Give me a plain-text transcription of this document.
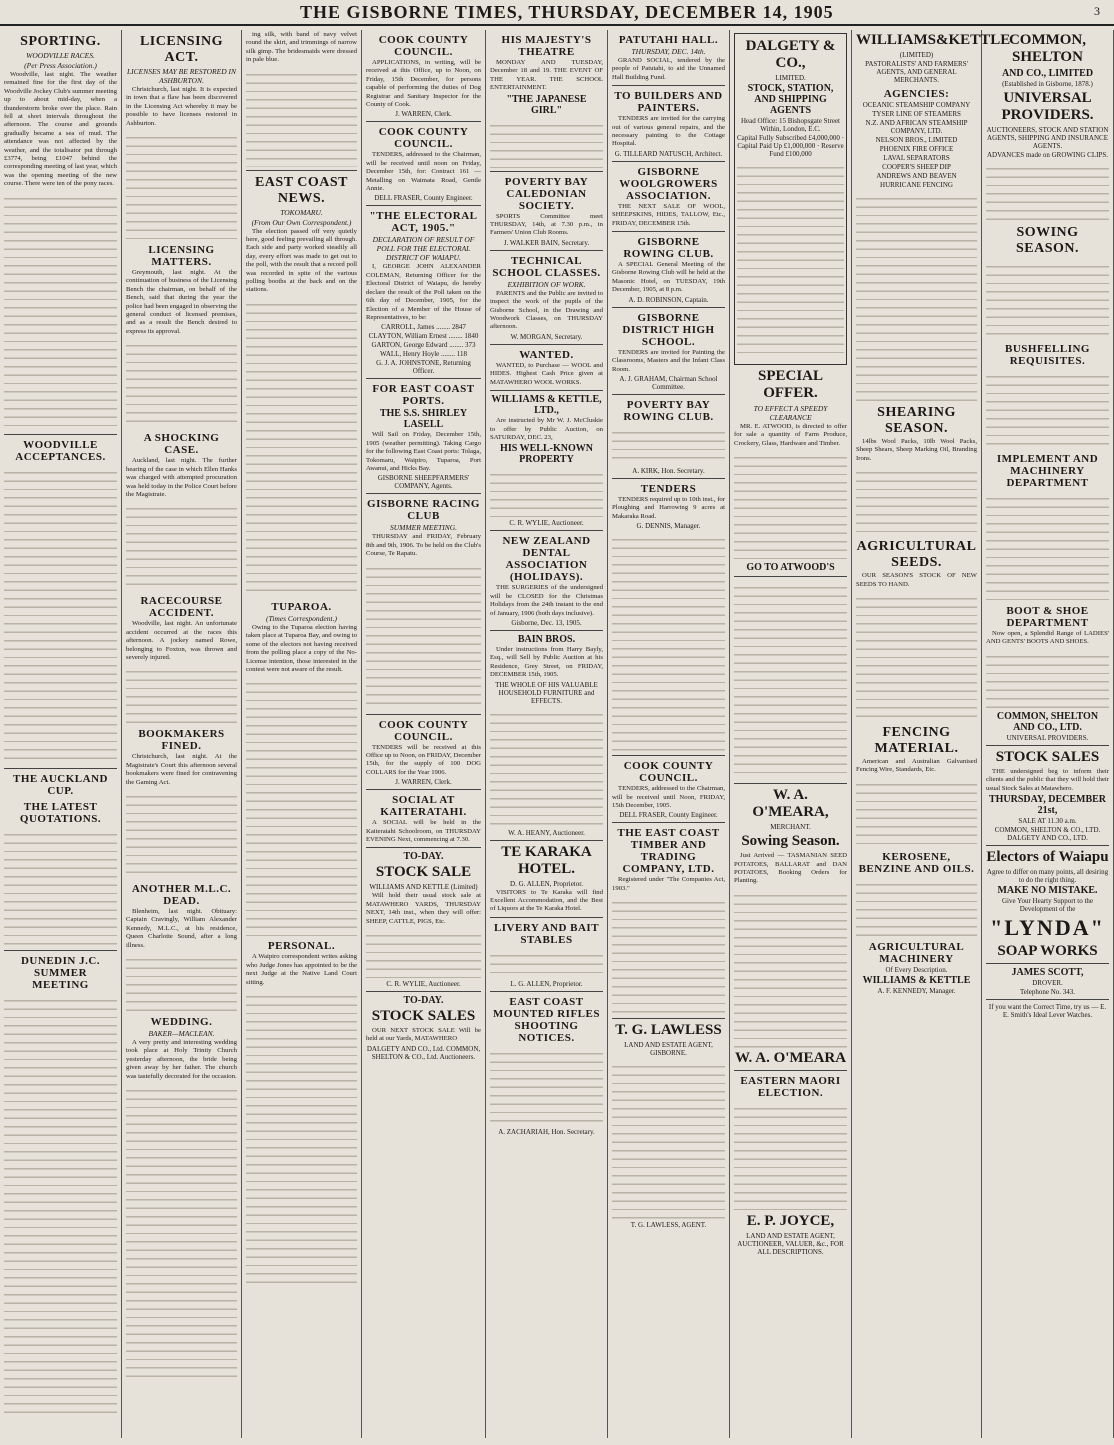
THE GISBORNE TIMES, THURSDAY, DECEMBER 14, 1905	3
SPORTING.
WOODVILLE RACES.
(Per Press Association.)
Woodville, last night. The weather remained fine for the first day of the Woodville Jockey Club's summer meeting up to about mid-day, when a thunderstorm broke over the place. Rain fell at short intervals throughout the afternoon. The course and grounds gradually became a sea of mud. The attendance was not affected by the weather, and the totalisator put through £3774, being £1047 behind the corresponding meeting of last year, which was the opening meeting of the new course. There were ten of the pony races.
WOODVILLE ACCEPTANCES.
THE AUCKLAND CUP.
THE LATEST QUOTATIONS.
DUNEDIN J.C. SUMMER MEETING
LICENSING ACT.
LICENSES MAY BE RESTORED IN ASHBURTON.
Christchurch, last night. It is expected in town that a flaw has been discovered in the Licensing Act whereby it may be possible to have licenses restored in Ashburton.
LICENSING MATTERS.
Greymouth, last night. At the continuation of business of the Licensing Bench the chairman, on behalf of the Bench, said that during the year the police had been engaged in observing the general conduct of licensed premises, and as a result the Bench desired to express its approval.
A SHOCKING CASE.
Auckland, last night. The further hearing of the case in which Ellen Hanks was charged with attempted procuration was held today in the Police Court before the Magistrate.
RACECOURSE ACCIDENT.
Woodville, last night. An unfortunate accident occurred at the races this afternoon. A jockey named Rowe, belonging to Foxton, was thrown and severely injured.
BOOKMAKERS FINED.
Christchurch, last night. At the Magistrate's Court this afternoon several bookmakers were fined for contravening the Gaming Act.
ANOTHER M.L.C. DEAD.
Blenheim, last night. Obituary: Captain Cravingly, William Alexander Kennedy, M.L.C., at his residence, Queen Charlotte Sound, after a long illness.
WEDDING.
BAKER—MACLEAN.
A very pretty and interesting wedding took place at Holy Trinity Church yesterday afternoon, the bride being given away by her father. The church was tastefully decorated for the occasion.
ing silk, with band of navy velvet round the skirt, and trimmings of narrow silk gimp. The bridesmaids were dressed in pale blue.
EAST COAST NEWS.
TOKOMARU.
(From Our Own Correspondent.)
The election passed off very quietly here, good feeling prevailing all through. Each side and party worked steadily all day, every effort was made to get out to the poll, with the result that a record poll was recorded in spite of the various polling booths at the back and on the stations.
TUPAROA.
(Times Correspondent.)
Owing to the Tuparoa election having taken place at Tuparoa Bay, and owing to some of the electors not having received from the polling place a copy of the No-License intention, those interested in the contest were not aware of the result.
PERSONAL.
A Waipiro correspondent writes asking who Judge Jones has appointed to be the next Judge at the Native Land Court sitting.
COOK COUNTY COUNCIL.
APPLICATIONS, in writing, will be received at this Office, up to Noon, on Friday, 15th December, for persons capable of performing the duties of Dog Registrar and Sanitary Inspector for the County of Cook.
J. WARREN, Clerk.
COOK COUNTY COUNCIL.
TENDERS, addressed to the Chairman, will be received until noon on Friday, December 15th, for: Contract 161 — Metalling on Waimata Road, Gentle Annie.
DELL FRASER, County Engineer.
"THE ELECTORAL ACT, 1905."
DECLARATION OF RESULT OF POLL FOR THE ELECTORAL DISTRICT OF WAIAPU.
I, GEORGE JOHN ALEXANDER COLEMAN, Returning Officer for the Electoral District of Waiapu, do hereby declare the result of the Poll taken on the 6th day of December, 1905, for the Election of a Member of the House of Representatives, to be:
CARROLL, James ........ 2847
CLAYTON, William Ernest ........ 1840
GARTON, George Edward ........ 373
WALL, Henry Hoyle ........ 118
G. J. A. JOHNSTONE, Returning Officer.
FOR EAST COAST PORTS.
THE S.S. SHIRLEY LASELL
Will Sail on Friday, December 15th, 1905 (weather permitting). Taking Cargo for the following East Coast ports: Tolaga, Tokomaru, Waipiro, Tuparoa, Port Awanui, and Hicks Bay.
GISBORNE SHEEPFARMERS' COMPANY, Agents.
GISBORNE RACING CLUB
SUMMER MEETING.
THURSDAY and FRIDAY, February 8th and 9th, 1906. To be held on the Club's Course, Te Rapatu.
COOK COUNTY COUNCIL.
TENDERS will be received at this Office up to Noon, on FRIDAY, December 15th, for the supply of 100 DOG COLLARS for the Year 1906.
J. WARREN, Clerk.
SOCIAL AT KAITERATAHI.
A SOCIAL will be held in the Kaiteratahi Schoolroom, on THURSDAY EVENING Next, commencing at 7.30.
TO-DAY.
STOCK SALE
WILLIAMS AND KETTLE (Limited)
Will hold their usual stock sale at MATAWHERO YARDS, THURSDAY NEXT, 14th inst., when they will offer: SHEEP, CATTLE, PIGS, Etc.
C. R. WYLIE, Auctioneer.
TO-DAY.
STOCK SALES
OUR NEXT STOCK SALE Will be held at our Yards, MATAWHERO
DALGETY AND CO., Ltd. COMMON, SHELTON & CO., Ltd. Auctioneers.
HIS MAJESTY'S THEATRE
MONDAY AND TUESDAY, December 18 and 19. THE EVENT OF THE YEAR. THE SCHOOL ENTERTAINMENT.
"THE JAPANESE GIRL"
POVERTY BAY CALEDONIAN SOCIETY.
SPORTS Committee meet THURSDAY, 14th, at 7.30 p.m., in Farmers' Union Club Rooms.
J. WALKER BAIN, Secretary.
TECHNICAL SCHOOL CLASSES.
EXHIBITION OF WORK.
PARENTS and the Public are invited to inspect the work of the pupils of the Gisborne School, in the Drawing and Woodwork Classes, on THURSDAY afternoon.
W. MORGAN, Secretary.
WANTED.
WANTED, to Purchase — WOOL and HIDES. Highest Cash Price given at MATAWHERO WOOL WORKS.
WILLIAMS & KETTLE, LTD.,
Are instructed by Mr W. J. McCluskie to offer by Public Auction, on SATURDAY, DEC. 23,
HIS WELL-KNOWN PROPERTY
C. R. WYLIE, Auctioneer.
NEW ZEALAND DENTAL ASSOCIATION (HOLIDAYS).
THE SURGERIES of the undersigned will be CLOSED for the Christmas Holidays from the 24th instant to the end of January, 1906 (both days inclusive).
Gisborne, Dec. 13, 1905.
BAIN BROS.
Under instructions from Harry Bayly, Esq., will Sell by Public Auction at his Residence, Grey Street, on FRIDAY, DECEMBER 15th, 1905.
THE WHOLE OF HIS VALUABLE HOUSEHOLD FURNITURE and EFFECTS.
W. A. HEANY, Auctioneer.
TE KARAKA HOTEL.
D. G. ALLEN, Proprietor.
VISITORS to Te Karaka will find Excellent Accommodation, and the Best of Liquors at the Te Karaka Hotel.
LIVERY AND BAIT STABLES
L. G. ALLEN, Proprietor.
EAST COAST MOUNTED RIFLES SHOOTING NOTICES.
A. ZACHARIAH, Hon. Secretary.
PATUTAHI HALL.
THURSDAY, DEC. 14th.
GRAND SOCIAL, tendered by the people of Patutahi, to aid the Unnamed Hall Building Fund.
TO BUILDERS AND PAINTERS.
TENDERS are invited for the carrying out of various general repairs, and the necessary painting to the Cottage Hospital.
G. TILLEARD NATUSCH, Architect.
GISBORNE WOOLGROWERS ASSOCIATION.
THE NEXT SALE OF WOOL, SHEEPSKINS, HIDES, TALLOW, Etc., FRIDAY, DECEMBER 15th.
GISBORNE ROWING CLUB.
A SPECIAL General Meeting of the Gisborne Rowing Club will be held at the Masonic Hotel, on TUESDAY, 19th December, 1905, at 8 p.m.
A. D. ROBINSON, Captain.
GISBORNE DISTRICT HIGH SCHOOL.
TENDERS are invited for Painting the Classrooms, Masters and the Infant Class Room.
A. J. GRAHAM, Chairman School Committee.
POVERTY BAY ROWING CLUB.
A. KIRK, Hon. Secretary.
TENDERS
TENDERS required up to 10th inst., for Ploughing and Harrowing 9 acres at Makaraka Road.
G. DENNIS, Manager.
COOK COUNTY COUNCIL.
TENDERS, addressed to the Chairman, will be received until Noon, FRIDAY, 15th December, 1905.
DELL FRASER, County Engineer.
THE EAST COAST TIMBER AND TRADING COMPANY, LTD.
Registered under "The Companies Act, 1903."
T. G. LAWLESS
LAND AND ESTATE AGENT, GISBORNE.
T. G. LAWLESS, AGENT.
DALGETY & CO.,
LIMITED.
STOCK, STATION, AND SHIPPING AGENTS
Head Office: 15 Bishopsgate Street Within, London, E.C.
Capital Fully Subscribed £4,000,000 · Capital Paid Up £1,000,000 · Reserve Fund £100,000
SPECIAL OFFER.
TO EFFECT A SPEEDY CLEARANCE
MR. E. ATWOOD, is directed to offer for sale a quantity of Farm Produce, Crockery, Glass, Hardware and Timber.
GO TO ATWOOD'S
W. A. O'MEARA,
MERCHANT.
Sowing Season.
Just Arrived — TASMANIAN SEED POTATOES, BALLARAT and DAN POTATOES, Booking Orders for Planting.
W. A. O'MEARA
EASTERN MAORI ELECTION.
E. P. JOYCE,
LAND AND ESTATE AGENT, AUCTIONEER, VALUER, &c., FOR ALL DESCRIPTIONS.
WILLIAMS&KETTLE
(LIMITED)
PASTORALISTS' AND FARMERS' AGENTS, AND GENERAL MERCHANTS.
AGENCIES:
OCEANIC STEAMSHIP COMPANY
TYSER LINE OF STEAMERS
N.Z. AND AFRICAN STEAMSHIP COMPANY, LTD.
NELSON BROS., LIMITED
PHOENIX FIRE OFFICE
LAVAL SEPARATORS
COOPER'S SHEEP DIP
ANDREWS AND BEAVEN
HURRICANE FENCING
SHEARING SEASON.
14lbs Wool Packs, 10lb Wool Packs, Sheep Shears, Sheep Marking Oil, Branding Irons.
AGRICULTURAL SEEDS.
OUR SEASON'S STOCK OF NEW SEEDS TO HAND.
FENCING MATERIAL.
American and Australian Galvanised Fencing Wire, Standards, Etc.
KEROSENE, BENZINE AND OILS.
AGRICULTURAL MACHINERY
Of Every Description.
WILLIAMS & KETTLE
A. F. KENNEDY, Manager.
COMMON, SHELTON
AND CO., LIMITED
(Established in Gisborne, 1878.)
UNIVERSAL PROVIDERS.
AUCTIONEERS, STOCK AND STATION AGENTS, SHIPPING AND INSURANCE AGENTS.
ADVANCES made on GROWING CLIPS.
SOWING SEASON.
BUSHFELLING REQUISITES.
IMPLEMENT AND MACHINERY DEPARTMENT
BOOT & SHOE DEPARTMENT
Now open, a Splendid Range of LADIES' AND GENTS' BOOTS AND SHOES.
COMMON, SHELTON AND CO., LTD.
UNIVERSAL PROVIDERS.
STOCK SALES
THE undersigned beg to inform their clients and the public that they will hold their usual Stock Sales at Matawhero.
THURSDAY, DECEMBER 21st,
SALE AT 11.30 a.m.
COMMON, SHELTON & CO., LTD. DALGETY AND CO., LTD.
Electors of Waiapu
Agree to differ on many points, all desiring to do the right thing.
MAKE NO MISTAKE.
Give Your Hearty Support to the Development of the
"LYNDA"
SOAP WORKS
JAMES SCOTT,
DROVER.
Telephone No. 343.
If you want the Correct Time, try us — E. E. Smith's Ideal Lever Watches.
